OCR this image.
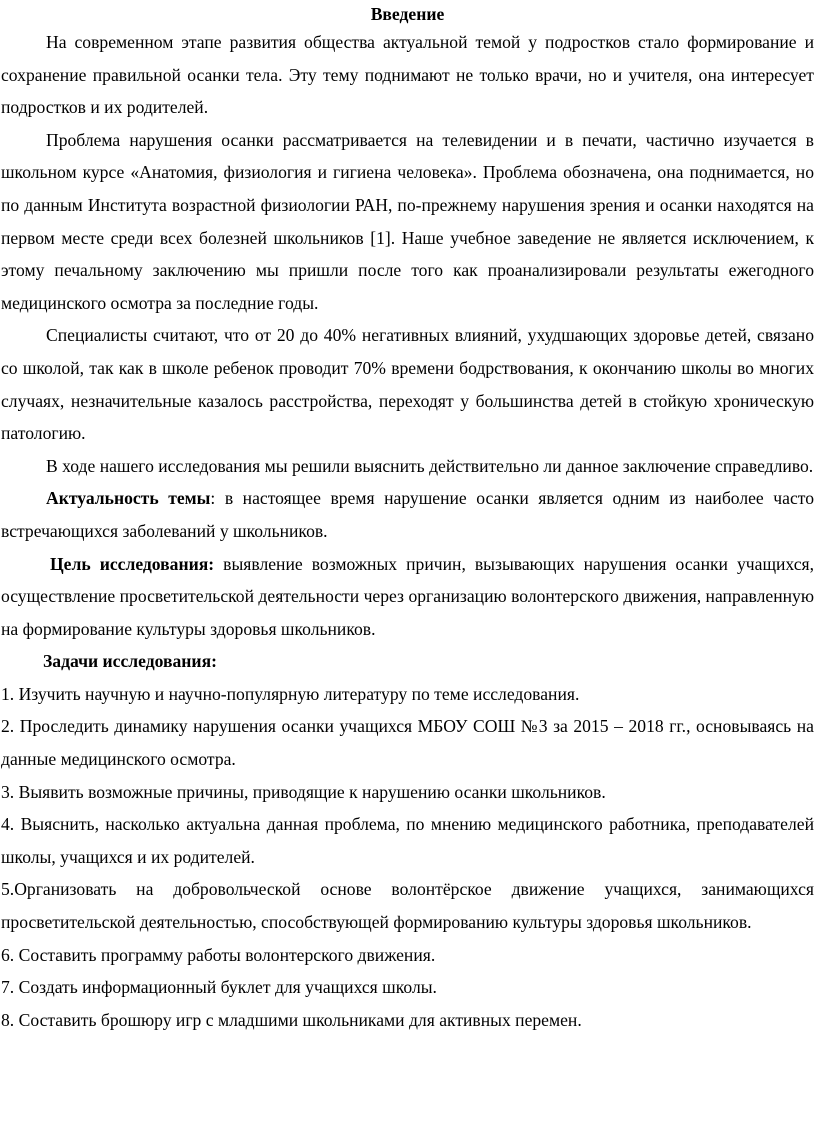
Введение

На современном этапе развития общества актуальной темой у подростков стало формирование и сохранение правильной осанки тела. Эту тему поднимают не только врачи, но и учителя, она интересует подростков и их родителей.

Проблема нарушения осанки рассматривается на телевидении и в печати, частично изучается в школьном курсе «Анатомия, физиология и гигиена человека». Проблема обозначена, она поднимается, но по данным Института возрастной физиологии РАН, по-прежнему нарушения зрения и осанки находятся на первом месте среди всех болезней школьников [1]. Наше учебное заведение не является исключением, к этому печальному заключению мы пришли после того как проанализировали результаты ежегодного медицинского осмотра за последние годы.

Специалисты считают, что от 20 до 40% негативных влияний, ухудшающих здоровье детей, связано со школой, так как в школе ребенок проводит 70% времени бодрствования, к окончанию школы во многих случаях, незначительные казалось расстройства, переходят у большинства детей в стойкую хроническую патологию.

В ходе нашего исследования мы решили выяснить действительно ли данное заключение справедливо.

Актуальность темы: в настоящее время нарушение осанки является одним из наиболее часто встречающихся заболеваний у школьников.

Цель исследования: выявление возможных причин, вызывающих нарушения осанки учащихся, осуществление просветительской деятельности через организацию волонтерского движения, направленную на формирование культуры здоровья школьников.

Задачи исследования:

1. Изучить научную и научно-популярную литературу по теме исследования.

2. Проследить динамику нарушения осанки учащихся МБОУ СОШ №3 за 2015 – 2018 гг., основываясь на данные медицинского осмотра.

3. Выявить возможные причины, приводящие к нарушению осанки школьников.

4. Выяснить, насколько актуальна данная проблема, по мнению медицинского работника, преподавателей школы, учащихся и их родителей.

5.Организовать на добровольческой основе волонтёрское движение учащихся, занимающихся просветительской деятельностью, способствующей формированию культуры здоровья школьников.

6. Составить программу работы волонтерского движения.

7. Создать информационный буклет для учащихся школы.

8. Составить брошюру игр с младшими школьниками для активных перемен.
